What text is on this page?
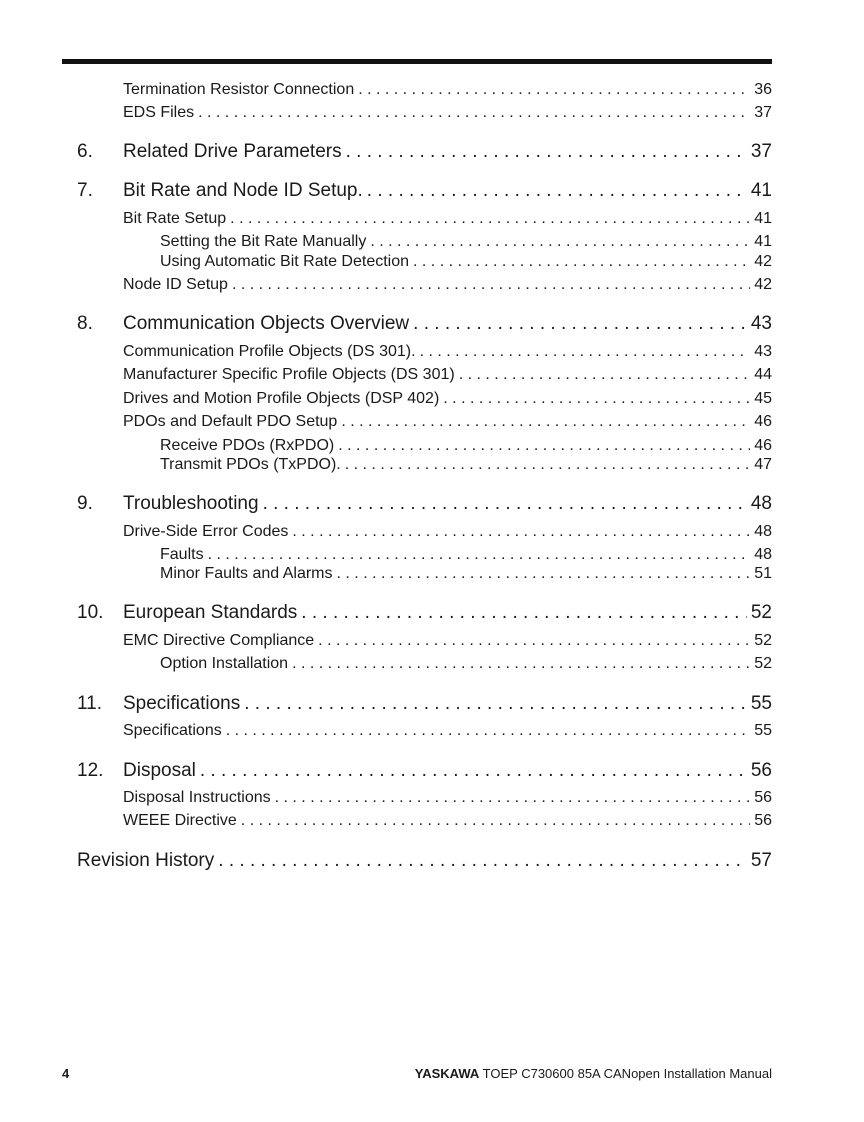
Termination Resistor Connection . . .	36
EDS Files . . .	37
6. Related Drive Parameters . . .	37
7. Bit Rate and Node ID Setup. . . .	41
Bit Rate Setup . . .	41
Setting the Bit Rate Manually . . .	41
Using Automatic Bit Rate Detection . . .	42
Node ID Setup . . .	42
8. Communication Objects Overview . . .	43
Communication Profile Objects (DS 301). . . .	43
Manufacturer Specific Profile Objects (DS 301) . . .	44
Drives and Motion Profile Objects (DSP 402) . . .	45
PDOs and Default PDO Setup . . .	46
Receive PDOs (RxPDO) . . .	46
Transmit PDOs (TxPDO). . . .	47
9. Troubleshooting . . .	48
Drive-Side Error Codes . . .	48
Faults . . .	48
Minor Faults and Alarms . . .	51
10. European Standards . . .	52
EMC Directive Compliance . . .	52
Option Installation . . .	52
11. Specifications . . .	55
Specifications . . .	55
12. Disposal . . .	56
Disposal Instructions . . .	56
WEEE Directive . . .	56
Revision History . . .	57
4	YASKAWA TOEP C730600 85A CANopen Installation Manual
